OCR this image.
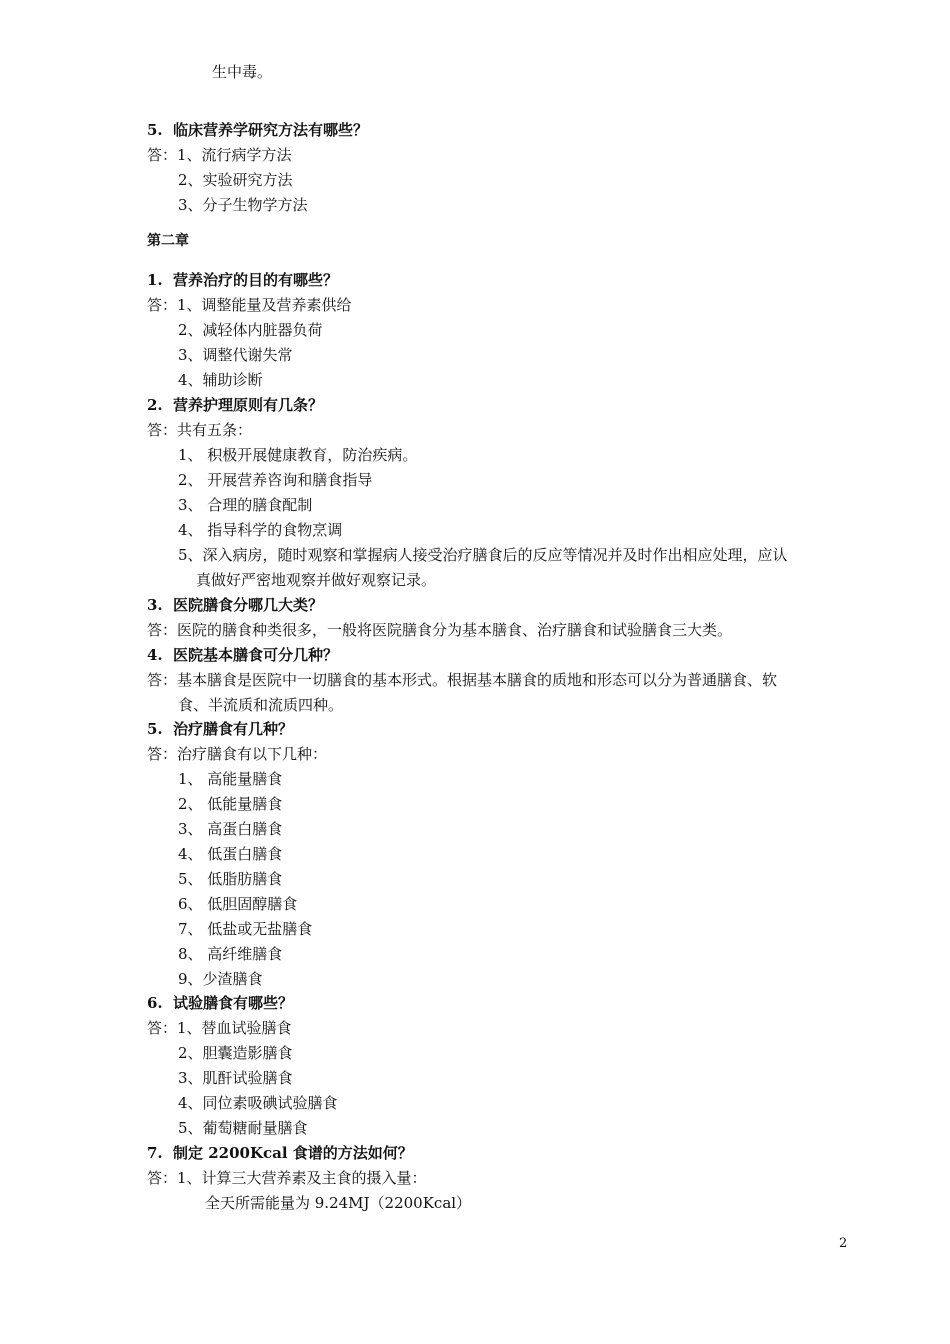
生中毒。
5. 临床营养学研究方法有哪些？
答：1、流行病学方法
2、实验研究方法
3、分子生物学方法
第二章
1. 营养治疗的目的有哪些？
答：1、调整能量及营养素供给
2、减轻体内脏器负荷
3、调整代谢失常
4、辅助诊断
2. 营养护理原则有几条？
答：共有五条：
1、 积极开展健康教育，防治疾病。
2、 开展营养咨询和膳食指导
3、 合理的膳食配制
4、 指导科学的食物烹调
5、深入病房，随时观察和掌握病人接受治疗膳食后的反应等情况并及时作出相应处理，应认
真做好严密地观察并做好观察记录。
3. 医院膳食分哪几大类？
答：医院的膳食种类很多，一般将医院膳食分为基本膳食、治疗膳食和试验膳食三大类。
4. 医院基本膳食可分几种？
答：基本膳食是医院中一切膳食的基本形式。根据基本膳食的质地和形态可以分为普通膳食、软
食、半流质和流质四种。
5. 治疗膳食有几种？
答：治疗膳食有以下几种：
1、 高能量膳食
2、 低能量膳食
3、 高蛋白膳食
4、 低蛋白膳食
5、 低脂肪膳食
6、 低胆固醇膳食
7、 低盐或无盐膳食
8、 高纤维膳食
9、少渣膳食
6. 试验膳食有哪些？
答：1、替血试验膳食
2、胆囊造影膳食
3、肌酐试验膳食
4、同位素吸碘试验膳食
5、葡萄糖耐量膳食
7. 制定 2200Kcal 食谱的方法如何？
答：1、计算三大营养素及主食的摄入量：
全天所需能量为 9.24MJ（2200Kcal）
2
